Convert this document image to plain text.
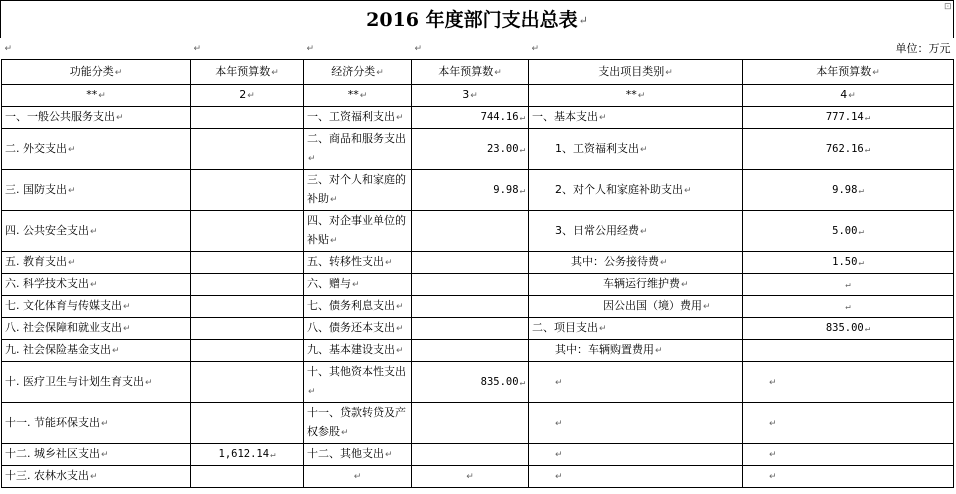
2016 年度部门支出总表↵
⊡
↵	↵	↵	↵	↵	单位：万元
功能分类↵	本年预算数↵	经济分类↵	本年预算数↵	支出项目类别↵	本年预算数↵
**↵	2↵	**↵	3↵	**↵	4↵
一、一般公共服务支出↵		一、工资福利支出↵	744.16↵	一、基本支出↵	777.14↵
二. 外交支出↵		二、商品和服务支出↵	23.00↵	1、工资福利支出↵	762.16↵
三. 国防支出↵		三、对个人和家庭的补助↵	9.98↵	2、对个人和家庭补助支出↵	9.98↵
四. 公共安全支出↵		四、对企事业单位的补贴↵		3、日常公用经费↵	5.00↵
五. 教育支出↵		五、转移性支出↵		其中：公务接待费↵	1.50↵
六. 科学技术支出↵		六、赠与↵		车辆运行维护费↵	↵
七. 文化体育与传媒支出↵		七、债务利息支出↵		因公出国（境）费用↵	↵
八. 社会保障和就业支出↵		八、债务还本支出↵		二、项目支出↵	835.00↵
九. 社会保险基金支出↵		九、基本建设支出↵		其中：车辆购置费用↵	
十. 医疗卫生与计划生育支出↵		十、其他资本性支出↵	835.00↵	↵	↵
十一. 节能环保支出↵		十一、贷款转贷及产权参股↵		↵	↵
十二. 城乡社区支出↵	1,612.14↵	十二、其他支出↵		↵	↵
十三. 农林水支出↵		↵	↵	↵	↵
